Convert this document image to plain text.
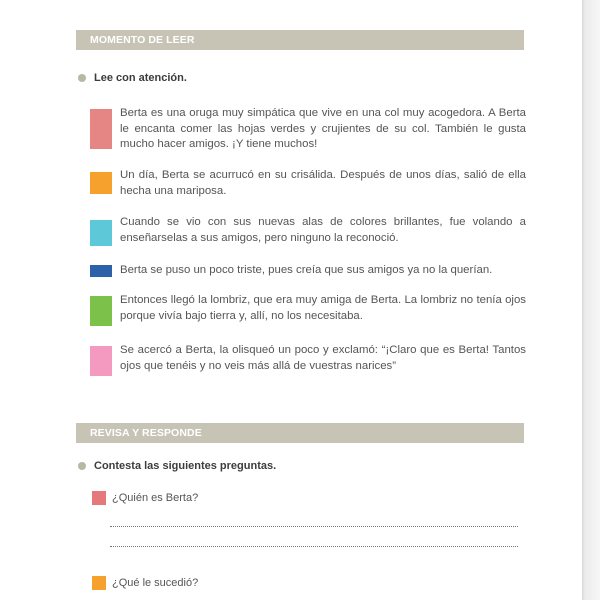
MOMENTO DE LEER
Lee con atención.
Berta es una oruga muy simpática que vive en una col muy acogedora. A Berta le encanta comer las hojas verdes y crujientes de su col. También le gusta mucho hacer amigos. ¡Y tiene muchos!
Un día, Berta se acurrucó en su crisálida. Después de unos días, salió de ella hecha una mariposa.
Cuando se vio con sus nuevas alas de colores brillantes, fue volando a enseñarselas a sus amigos, pero ninguno la reconoció.
Berta se puso un poco triste, pues creía que sus amigos ya no la querían.
Entonces llegó la lombriz, que era muy amiga de Berta. La lombriz no tenía ojos porque vivía bajo tierra y, allí, no los necesitaba.
Se acercó a Berta, la olisqueó un poco y exclamó: “¡Claro que es Berta! Tantos ojos que tenéis y no veis más allá de vuestras narices”
REVISA Y RESPONDE
Contesta las siguientes preguntas.
¿Quién es Berta?
¿Qué le sucedió?
